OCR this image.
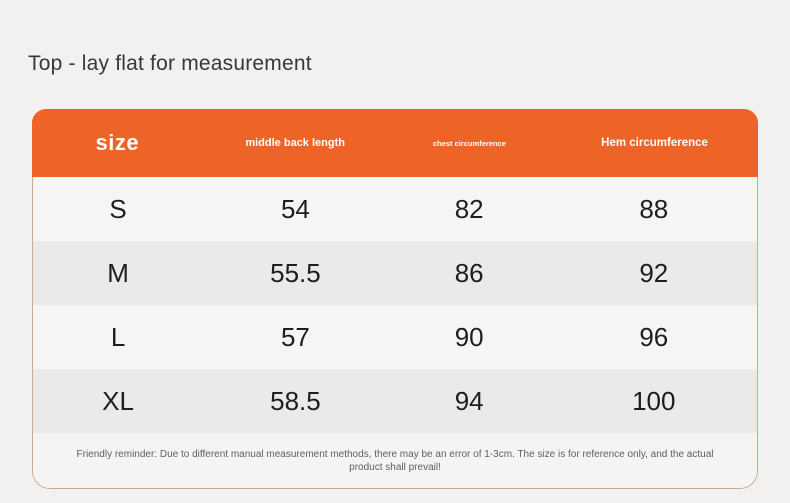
Top - lay flat for measurement
size	middle back length	chest circumference	Hem circumference
S	54	82	88
M	55.5	86	92
L	57	90	96
XL	58.5	94	100

Friendly reminder: Due to different manual measurement methods, there may be an error of 1-3cm. The size is for reference only, and the actual product shall prevail!
